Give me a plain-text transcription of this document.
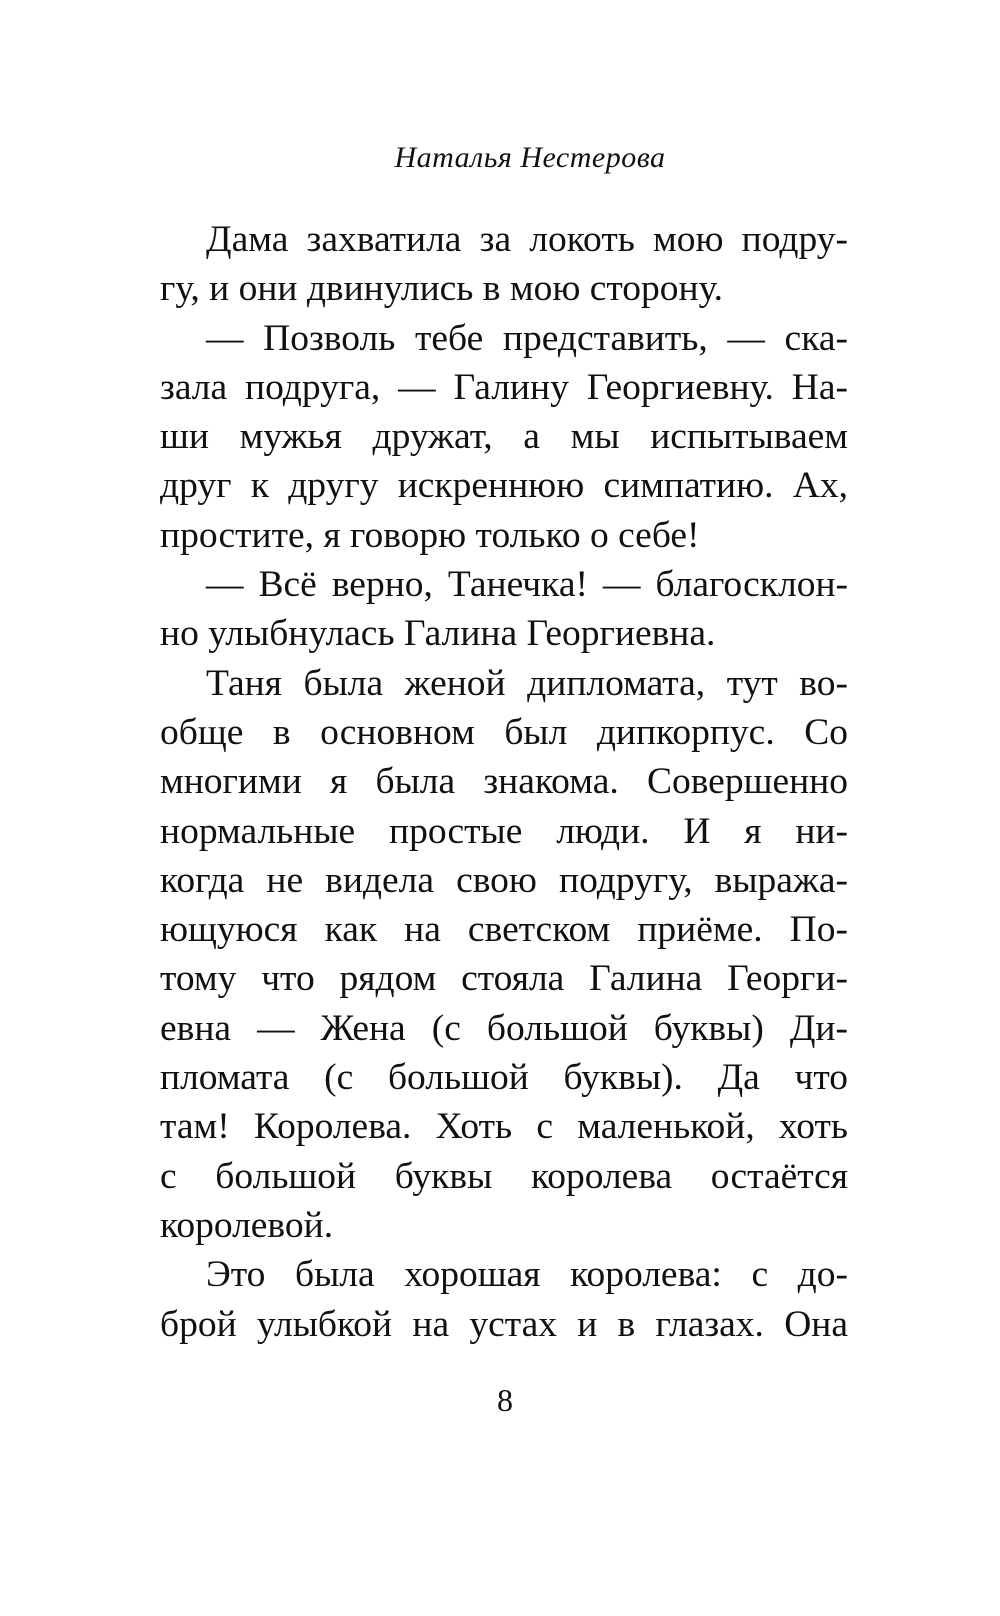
Наталья Нестерова
Дама захватила за локоть мою подру-
гу, и они двинулись в мою сторону.
— Позволь тебе представить, — ска-
зала подруга, — Галину Георгиевну. На-
ши мужья дружат, а мы испытываем
друг к другу искреннюю симпатию. Ах,
простите, я говорю только о себе!
— Всё верно, Танечка! — благосклон-
но улыбнулась Галина Георгиевна.
Таня была женой дипломата, тут во-
обще в основном был дипкорпус. Со
многими я была знакома. Совершенно
нормальные простые люди. И я ни-
когда не видела свою подругу, выража-
ющуюся как на светском приёме. По-
тому что рядом стояла Галина Георги-
евна — Жена (с большой буквы) Ди-
пломата (с большой буквы). Да что
там! Королева. Хоть с маленькой, хоть
с большой буквы королева остаётся
королевой.
Это была хорошая королева: с до-
брой улыбкой на устах и в глазах. Она
8
